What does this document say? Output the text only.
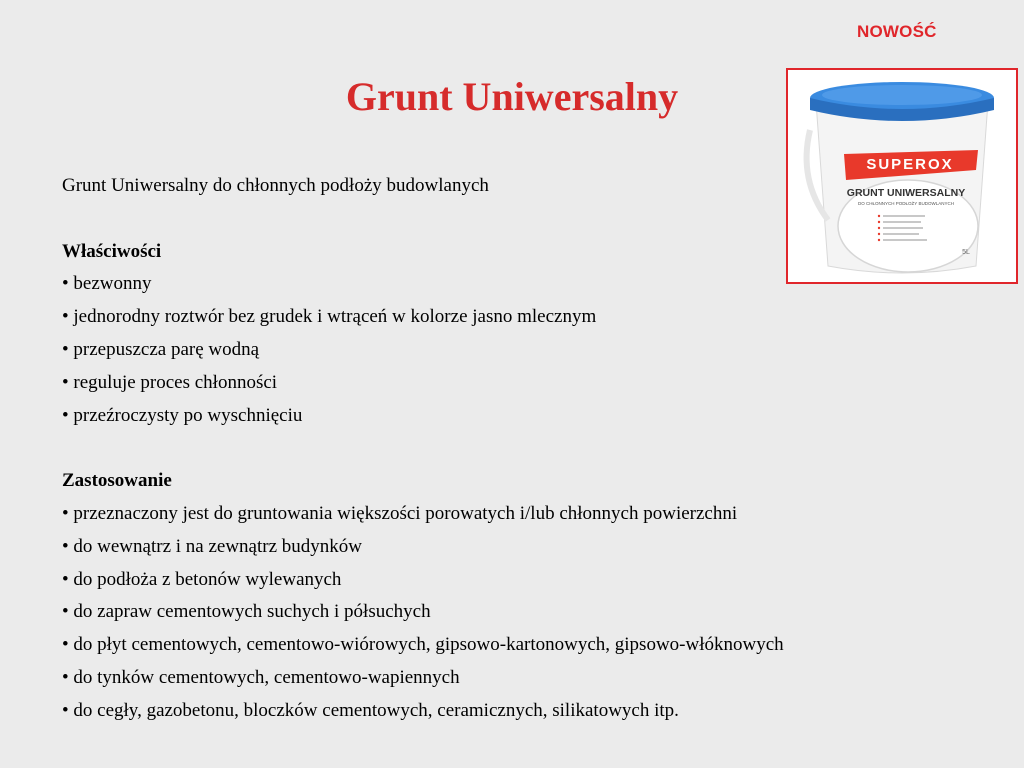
NOWOŚĆ
Grunt Uniwersalny
SUPEROX
GRUNT UNIWERSALNY
DO CHŁONNYCH PODŁOŻY BUDOWLANYCH
5L

Grunt Uniwersalny do chłonnych podłoży budowlanych

Właściwości

• bezwonny

• jednorodny roztwór bez grudek i wtrąceń w kolorze jasno mlecznym

• przepuszcza parę wodną

• reguluje proces chłonności

• przeźroczysty po wyschnięciu

Zastosowanie

• przeznaczony jest do gruntowania większości porowatych i/lub chłonnych powierzchni

• do wewnątrz i na zewnątrz budynków

• do podłoża z betonów wylewanych

• do zapraw cementowych suchych i półsuchych

• do płyt cementowych, cementowo-wiórowych, gipsowo-kartonowych, gipsowo-włóknowych

• do tynków cementowych, cementowo-wapiennych

• do cegły, gazobetonu, bloczków cementowych, ceramicznych, silikatowych itp.
